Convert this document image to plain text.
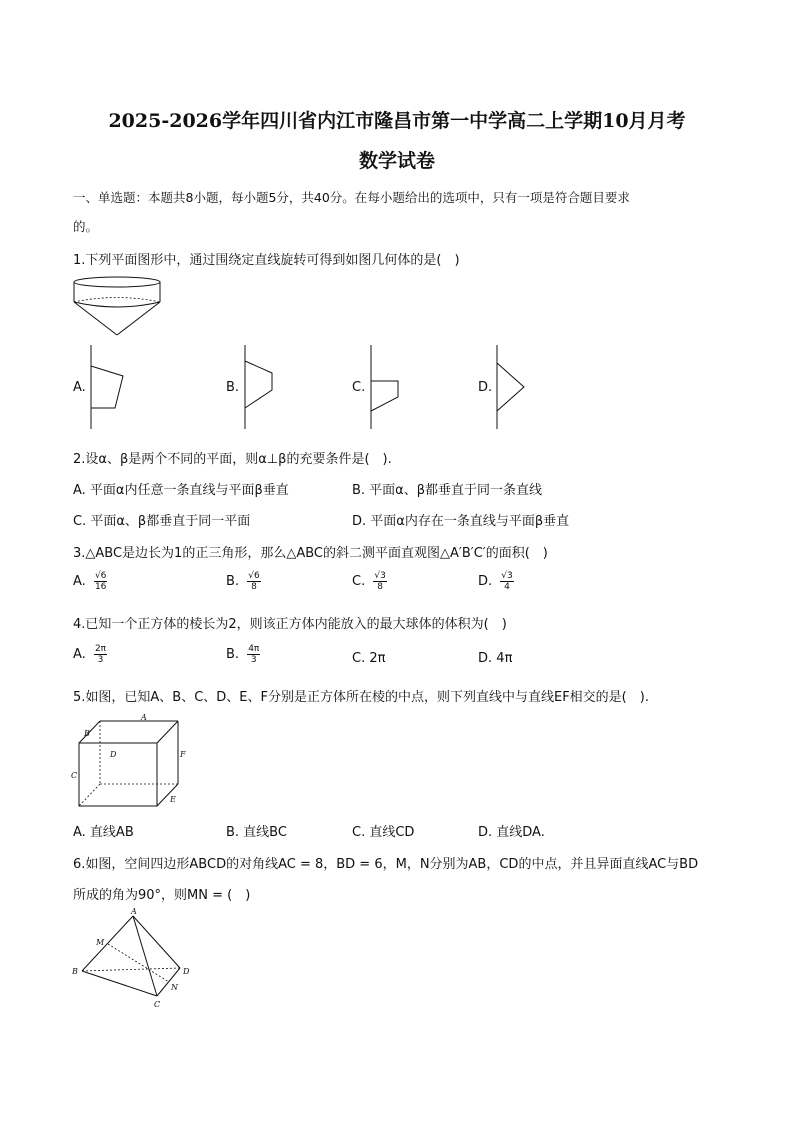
2025-2026学年四川省内江市隆昌市第一中学高二上学期10月月考
数学试卷
一、单选题：本题共8小题，每小题5分，共40分。在每小题给出的选项中，只有一项是符合题目要求
的。
1.下列平面图形中，通过围绕定直线旋转可得到如图几何体的是(　)
A.	B.	C.	D.
2.设α、β是两个不同的平面，则α⊥β的充要条件是(　).
A. 平面α内任意一条直线与平面β垂直	B. 平面α、β都垂直于同一条直线
C. 平面α、β都垂直于同一平面	D. 平面α内存在一条直线与平面β垂直
3.△ABC是边长为1的正三角形，那么△ABC的斜二测平面直观图△A′B′C′的面积(　)
A. $\frac{√6}{16}$	B. $\frac{√6}{8}$	C. $\frac{√3}{8}$	D. $\frac{√3}{4}$
4.已知一个正方体的棱长为2，则该正方体内能放入的最大球体的体积为(　)
A. $\frac{2\pi}{3}$	B. $\frac{4\pi}{3}$	C. 2π	D. 4π
5.如图，已知A、B、C、D、E、F分别是正方体所在棱的中点，则下列直线中与直线EF相交的是(　).
A
B
C
D
E
F
A. 直线AB	B. 直线BC	C. 直线CD	D. 直线DA.
6.如图，空间四边形ABCD的对角线AC = 8，BD = 6，M，N分别为AB，CD的中点，并且异面直线AC与BD
所成的角为90°，则MN = (　)
A
M
B	D
N
C
